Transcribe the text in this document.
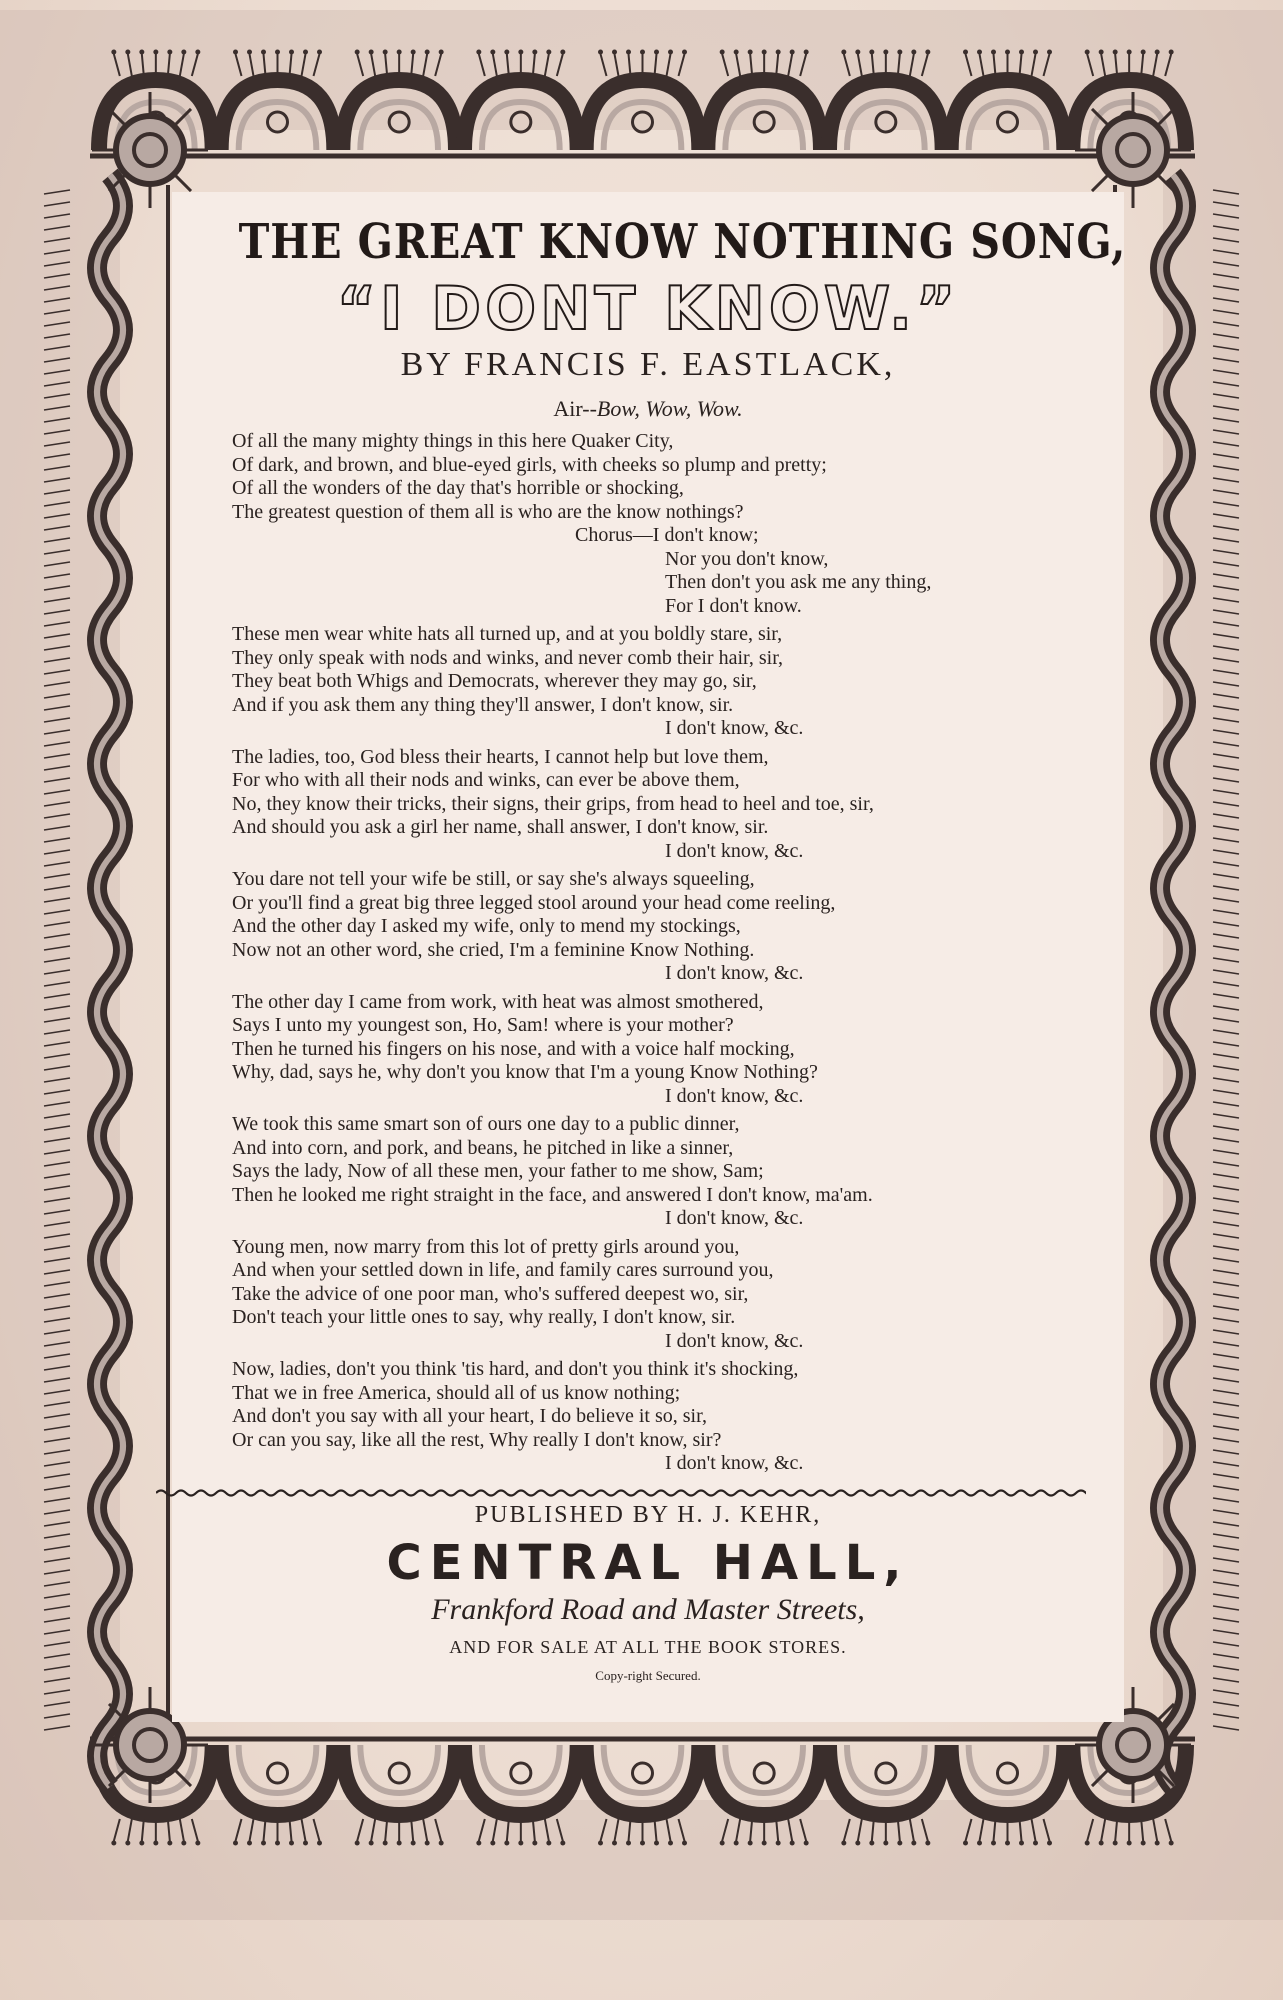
THE GREAT KNOW NOTHING SONG,
“I DONT KNOW.”
BY FRANCIS F. EASTLACK,
Air--Bow, Wow, Wow.
Of all the many mighty things in this here Quaker City,
Of dark, and brown, and blue-eyed girls, with cheeks so plump and pretty;
Of all the wonders of the day that's horrible or shocking,
The greatest question of them all is who are the know nothings?
Chorus—I don't know;
Nor you don't know,
Then don't you ask me any thing,
For I don't know.
These men wear white hats all turned up, and at you boldly stare, sir,
They only speak with nods and winks, and never comb their hair, sir,
They beat both Whigs and Democrats, wherever they may go, sir,
And if you ask them any thing they'll answer, I don't know, sir.
I don't know, &c.
The ladies, too, God bless their hearts, I cannot help but love them,
For who with all their nods and winks, can ever be above them,
No, they know their tricks, their signs, their grips, from head to heel and toe, sir,
And should you ask a girl her name, shall answer, I don't know, sir.
I don't know, &c.
You dare not tell your wife be still, or say she's always squeeling,
Or you'll find a great big three legged stool around your head come reeling,
And the other day I asked my wife, only to mend my stockings,
Now not an other word, she cried, I'm a feminine Know Nothing.
I don't know, &c.
The other day I came from work, with heat was almost smothered,
Says I unto my youngest son, Ho, Sam! where is your mother?
Then he turned his fingers on his nose, and with a voice half mocking,
Why, dad, says he, why don't you know that I'm a young Know Nothing?
I don't know, &c.
We took this same smart son of ours one day to a public dinner,
And into corn, and pork, and beans, he pitched in like a sinner,
Says the lady, Now of all these men, your father to me show, Sam;
Then he looked me right straight in the face, and answered I don't know, ma'am.
I don't know, &c.
Young men, now marry from this lot of pretty girls around you,
And when your settled down in life, and family cares surround you,
Take the advice of one poor man, who's suffered deepest wo, sir,
Don't teach your little ones to say, why really, I don't know, sir.
I don't know, &c.
Now, ladies, don't you think 'tis hard, and don't you think it's shocking,
That we in free America, should all of us know nothing;
And don't you say with all your heart, I do believe it so, sir,
Or can you say, like all the rest, Why really I don't know, sir?
I don't know, &c.
PUBLISHED BY H. J. KEHR,
CENTRAL HALL,
Frankford Road and Master Streets,
AND FOR SALE AT ALL THE BOOK STORES.
Copy-right Secured.
